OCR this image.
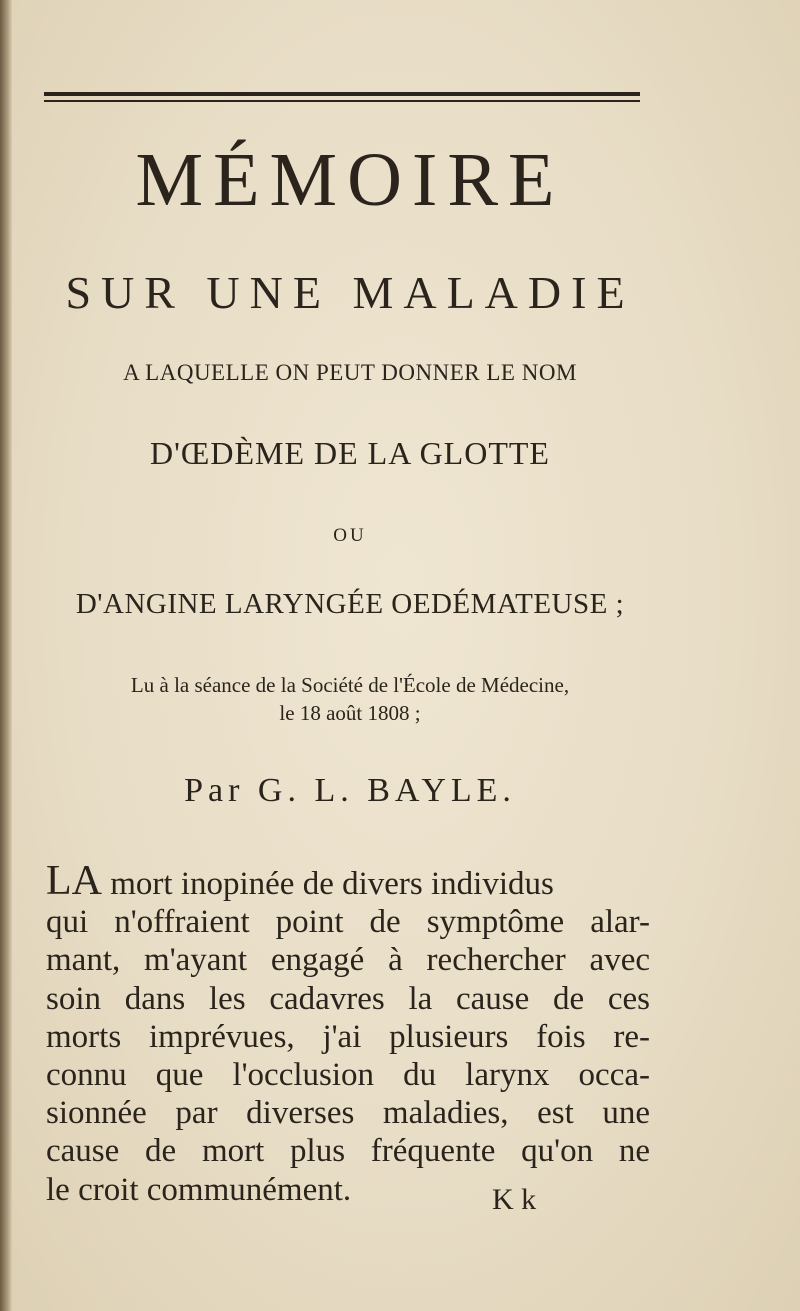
MÉMOIRE
SUR UNE MALADIE
A LAQUELLE ON PEUT DONNER LE NOM
D'ŒDÈME DE LA GLOTTE
OU
D'ANGINE LARYNGÉE OEDÉMATEUSE ;
Lu à la séance de la Société de l'École de Médecine,
le 18 août 1808 ;
Par G. L. BAYLE.
LA mort inopinée de divers individus
qui n'offraient point de symptôme alar-
mant, m'ayant engagé à rechercher avec
soin dans les cadavres la cause de ces
morts imprévues, j'ai plusieurs fois re-
connu que l'occlusion du larynx occa-
sionnée par diverses maladies, est une
cause de mort plus fréquente qu'on ne
le croit communément.	K k
